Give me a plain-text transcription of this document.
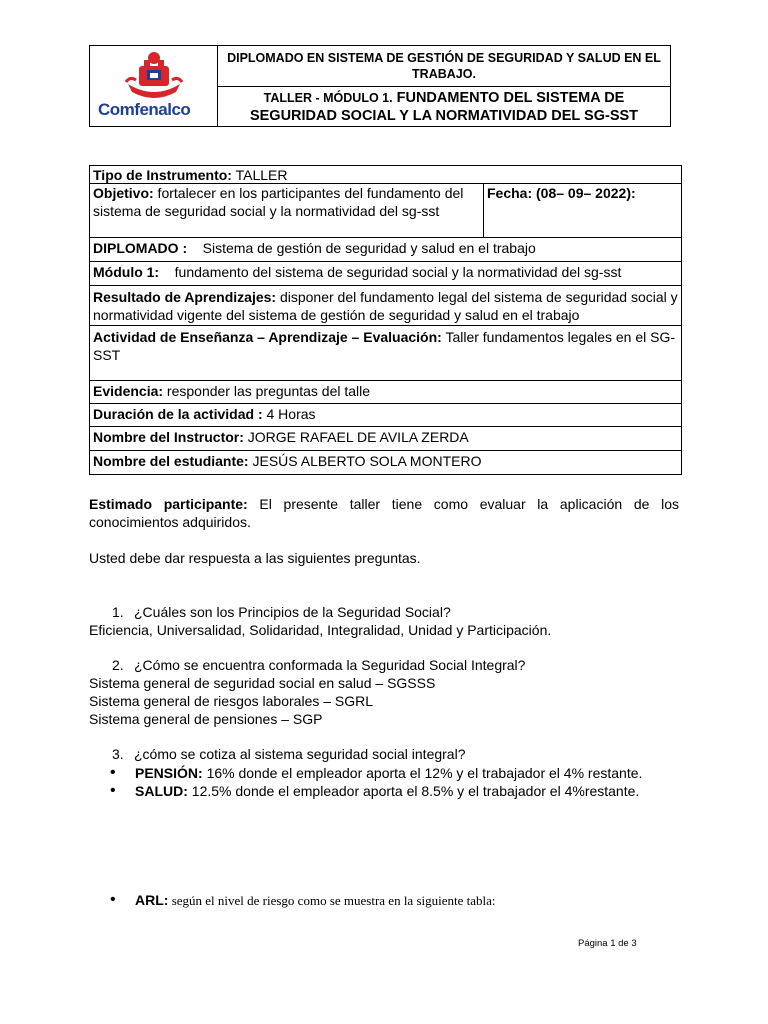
Comfenalco
DIPLOMADO EN SISTEMA DE GESTIÓN DE SEGURIDAD Y SALUD EN EL TRABAJO.
TALLER - MÓDULO 1. FUNDAMENTO DEL SISTEMA DE SEGURIDAD SOCIAL Y LA NORMATIVIDAD DEL SG-SST
Tipo de Instrumento: TALLER
Objetivo: fortalecer en los participantes del fundamento del sistema de seguridad social y la normatividad del sg-sst
Fecha: (08– 09– 2022):
DIPLOMADO :    Sistema de gestión de seguridad y salud en el trabajo
Módulo 1:    fundamento del sistema de seguridad social y la normatividad del sg-sst
Resultado de Aprendizajes: disponer del fundamento legal del sistema de seguridad social y normatividad vigente del sistema de gestión de seguridad y salud en el trabajo
Actividad de Enseñanza – Aprendizaje – Evaluación: Taller fundamentos legales en el SG-SST
Evidencia: responder las preguntas del talle
Duración de la actividad : 4 Horas
Nombre del Instructor: JORGE RAFAEL DE AVILA ZERDA
Nombre del estudiante: JESÚS ALBERTO SOLA MONTERO
Estimado participante: El presente taller tiene como evaluar la aplicación de los conocimientos adquiridos.
Usted debe dar respuesta a las siguientes preguntas.
1. ¿Cuáles son los Principios de la Seguridad Social?
Eficiencia, Universalidad, Solidaridad, Integralidad, Unidad y Participación.
2. ¿Cómo se encuentra conformada la Seguridad Social Integral?
Sistema general de seguridad social en salud – SGSSS
Sistema general de riesgos laborales – SGRL
Sistema general de pensiones – SGP
3. ¿cómo se cotiza al sistema seguridad social integral?
• PENSIÓN: 16% donde el empleador aporta el 12% y el trabajador el 4% restante.
• SALUD: 12.5% donde el empleador aporta el 8.5% y el trabajador el 4%restante.
• ARL: según el nivel de riesgo como se muestra en la siguiente tabla:
Página 1 de 3
